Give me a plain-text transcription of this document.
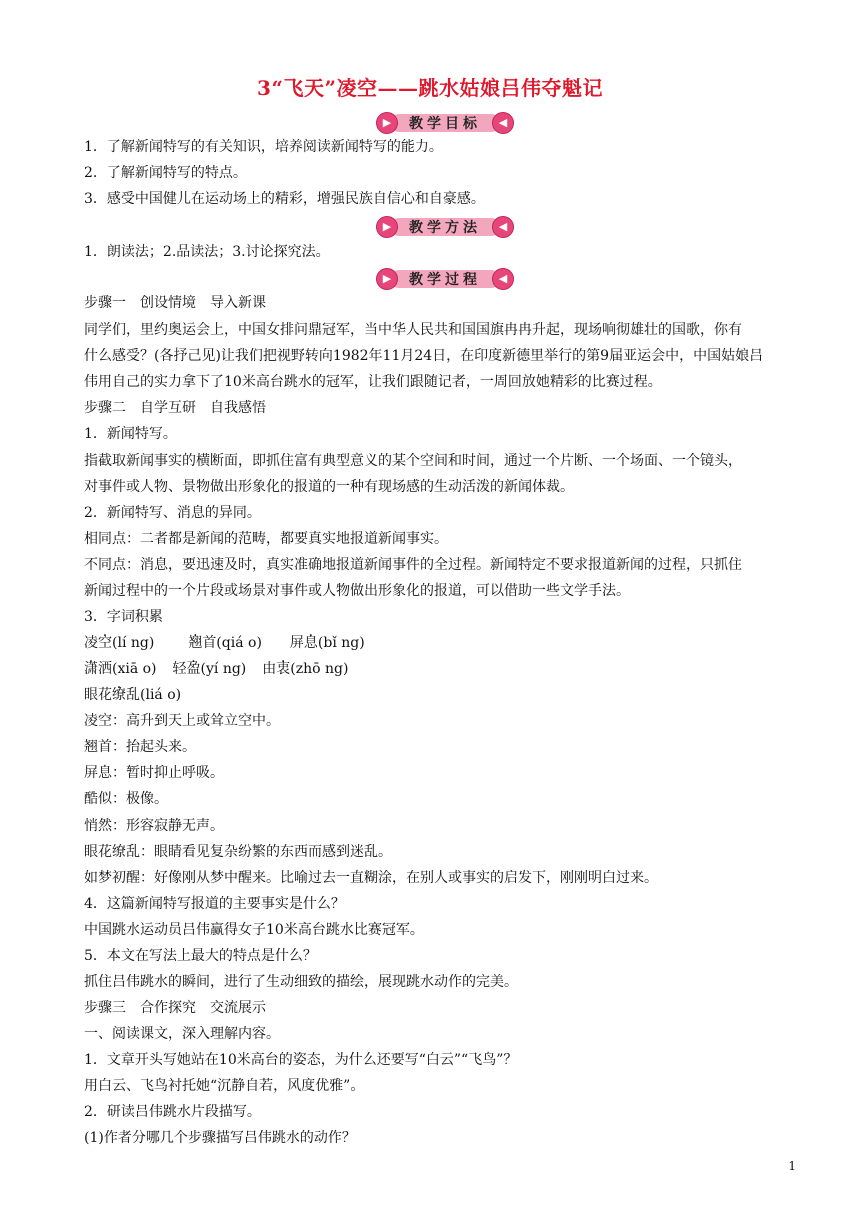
3“飞天”凌空——跳水姑娘吕伟夺魁记
▶	教学目标	◀
1．了解新闻特写的有关知识，培养阅读新闻特写的能力。
2．了解新闻特写的特点。
3．感受中国健儿在运动场上的精彩，增强民族自信心和自豪感。
▶	教学方法	◀
1．朗读法；2.品读法；3.讨论探究法。
▶	教学过程	◀
步骤一　创设情境　导入新课
同学们，里约奥运会上，中国女排问鼎冠军，当中华人民共和国国旗冉冉升起，现场响彻雄壮的国歌，你有
什么感受？(各抒己见)让我们把视野转向1982年11月24日，在印度新德里举行的第9届亚运会中，中国姑娘吕
伟用自己的实力拿下了10米高台跳水的冠军，让我们跟随记者，一周回放她精彩的比赛过程。
步骤二　自学互研　自我感悟
1．新闻特写。
指截取新闻事实的横断面，即抓住富有典型意义的某个空间和时间，通过一个片断、一个场面、一个镜头，
对事件或人物、景物做出形象化的报道的一种有现场感的生动活泼的新闻体裁。
2．新闻特写、消息的异同。
相同点：二者都是新闻的范畴，都要真实地报道新闻事实。
不同点：消息，要迅速及时，真实准确地报道新闻事件的全过程。新闻特定不要求报道新闻的过程，只抓住
新闻过程中的一个片段或场景对事件或人物做出形象化的报道，可以借助一些文学手法。
3．字词积累
凌空(lí ng) 翘首(qiá o) 屏息(bǐ ng)
潇洒(xiā o) 轻盈(yí ng) 由衷(zhō ng)
眼花缭乱(liá o)
凌空：高升到天上或耸立空中。
翘首：抬起头来。
屏息：暂时抑止呼吸。
酷似：极像。
悄然：形容寂静无声。
眼花缭乱：眼睛看见复杂纷繁的东西而感到迷乱。
如梦初醒：好像刚从梦中醒来。比喻过去一直糊涂，在别人或事实的启发下，刚刚明白过来。
4．这篇新闻特写报道的主要事实是什么？
中国跳水运动员吕伟赢得女子10米高台跳水比赛冠军。
5．本文在写法上最大的特点是什么？
抓住吕伟跳水的瞬间，进行了生动细致的描绘，展现跳水动作的完美。
步骤三　合作探究　交流展示
一、阅读课文，深入理解内容。
1．文章开头写她站在10米高台的姿态，为什么还要写“白云”“飞鸟”？
用白云、飞鸟衬托她“沉静自若，风度优雅”。
2．研读吕伟跳水片段描写。
(1)作者分哪几个步骤描写吕伟跳水的动作？
1
